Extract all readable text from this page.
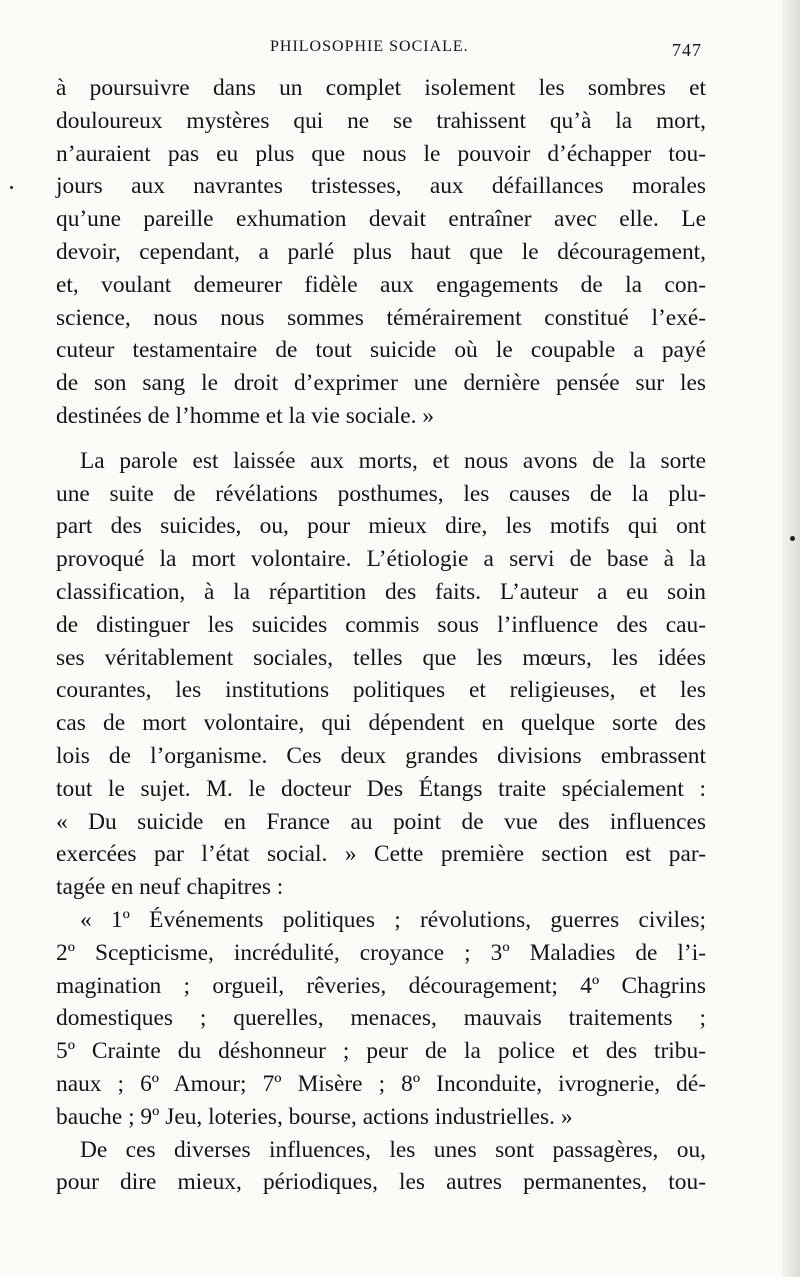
PHILOSOPHIE SOCIALE.	747
à poursuivre dans un complet isolement les sombres et
douloureux mystères qui ne se trahissent qu’à la mort,
n’auraient pas eu plus que nous le pouvoir d’échapper tou-
jours aux navrantes tristesses, aux défaillances morales
qu’une pareille exhumation devait entraîner avec elle. Le
devoir, cependant, a parlé plus haut que le découragement,
et, voulant demeurer fidèle aux engagements de la con-
science, nous nous sommes témérairement constitué l’exé-
cuteur testamentaire de tout suicide où le coupable a payé
de son sang le droit d’exprimer une dernière pensée sur les
destinées de l’homme et la vie sociale. »
La parole est laissée aux morts, et nous avons de la sorte
une suite de révélations posthumes, les causes de la plu-
part des suicides, ou, pour mieux dire, les motifs qui ont
provoqué la mort volontaire. L’étiologie a servi de base à la
classification, à la répartition des faits. L’auteur a eu soin
de distinguer les suicides commis sous l’influence des cau-
ses véritablement sociales, telles que les mœurs, les idées
courantes, les institutions politiques et religieuses, et les
cas de mort volontaire, qui dépendent en quelque sorte des
lois de l’organisme. Ces deux grandes divisions embrassent
tout le sujet. M. le docteur Des Étangs traite spécialement :
« Du suicide en France au point de vue des influences
exercées par l’état social. » Cette première section est par-
tagée en neuf chapitres :
« 1º Événements politiques ; révolutions, guerres civiles;
2º Scepticisme, incrédulité, croyance ; 3º Maladies de l’i-
magination ; orgueil, rêveries, découragement; 4º Chagrins
domestiques ; querelles, menaces, mauvais traitements ;
5º Crainte du déshonneur ; peur de la police et des tribu-
naux ; 6º Amour; 7º Misère ; 8º Inconduite, ivrognerie, dé-
bauche ; 9º Jeu, loteries, bourse, actions industrielles. »
De ces diverses influences, les unes sont passagères, ou,
pour dire mieux, périodiques, les autres permanentes, tou-
